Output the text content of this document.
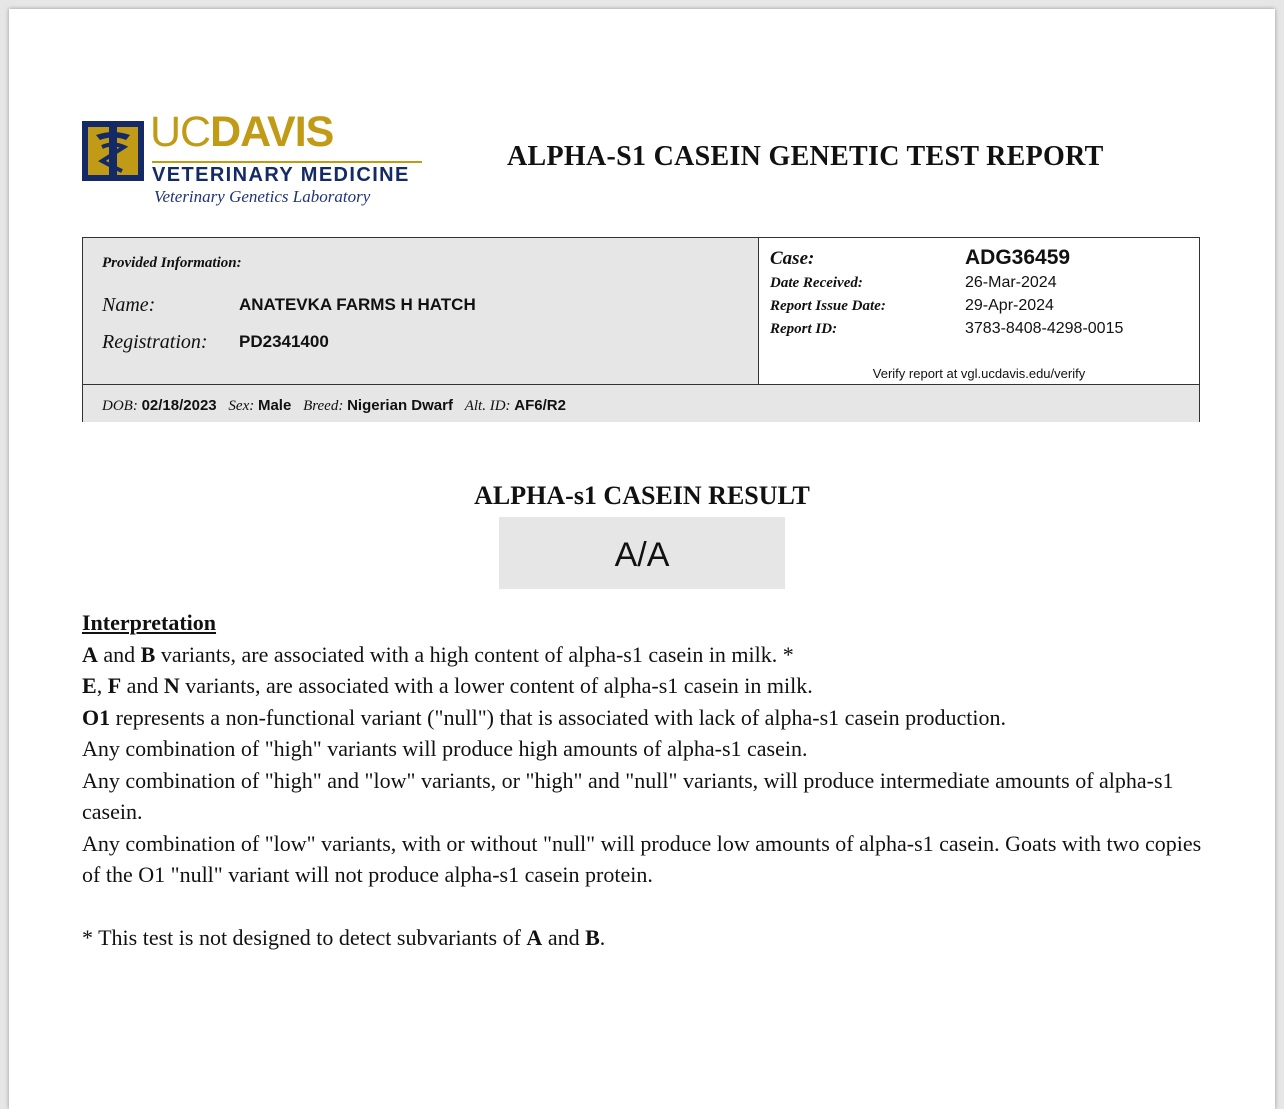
UCDAVIS
VETERINARY MEDICINE
Veterinary Genetics Laboratory
ALPHA-S1 CASEIN GENETIC TEST REPORT
Provided Information:
Name:	ANATEVKA FARMS H HATCH
Registration: PD2341400
Case:	ADG36459
Date Received:	26-Mar-2024
Report Issue Date:	29-Apr-2024
Report ID:	3783-8408-4298-0015
Verify report at vgl.ucdavis.edu/verify
DOB: 02/18/2023 Sex: Male Breed: Nigerian Dwarf Alt. ID: AF6/R2
ALPHA-s1 CASEIN RESULT
A/A

Interpretation

A and B variants, are associated with a high content of alpha-s1 casein in milk. *

E, F and N variants, are associated with a lower content of alpha-s1 casein in milk.

O1 represents a non-functional variant ("null") that is associated with lack of alpha-s1 casein production.

Any combination of "high" variants will produce high amounts of alpha-s1 casein.

Any combination of "high" and "low" variants, or "high" and "null" variants, will produce intermediate amounts of alpha-s1 casein.

Any combination of "low" variants, with or without "null" will produce low amounts of alpha-s1 casein. Goats with two copies of the O1 "null" variant will not produce alpha-s1 casein protein.

* This test is not designed to detect subvariants of A and B.
